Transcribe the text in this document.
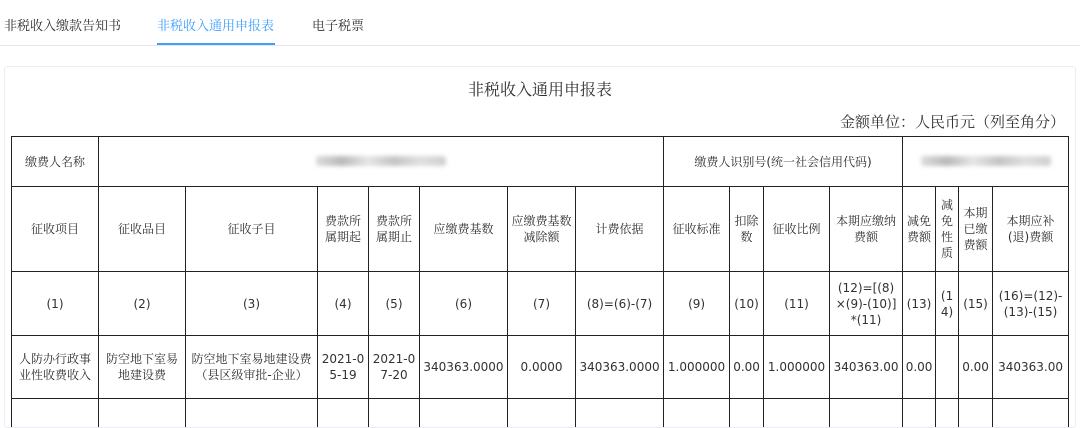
非税收入缴款告知书	非税收入通用申报表	电子税票
非税收入通用申报表
金额单位：人民币元（列至角分）
缴费人名称								缴费人识别号(统一社会信用代码)							
征收项目	征收品目	征收子目	费款所属期起	费款所属期止	应缴费基数	应缴费基数减除额	计费依据	征收标准	扣除数	征收比例	本期应缴纳费额	减免费额	减免性质	本期已缴费额	本期应补(退)费额
(1)	(2)	(3)	(4)	(5)	(6)	(7)	(8)=(6)-(7)	(9)	(10)	(11)	(12)=[(8)×(9)-(10)] *(11)	(13)	(14)	(15)	(16)=(12)-(13)-(15)
人防办行政事业性收费收入	防空地下室易地建设费	防空地下室易地建设费（县区级审批-企业）	2021-05-19	2021-07-20	340363.0000	0.0000	340363.0000	1.000000	0.00	1.000000	340363.00	0.00		0.00	340363.00
